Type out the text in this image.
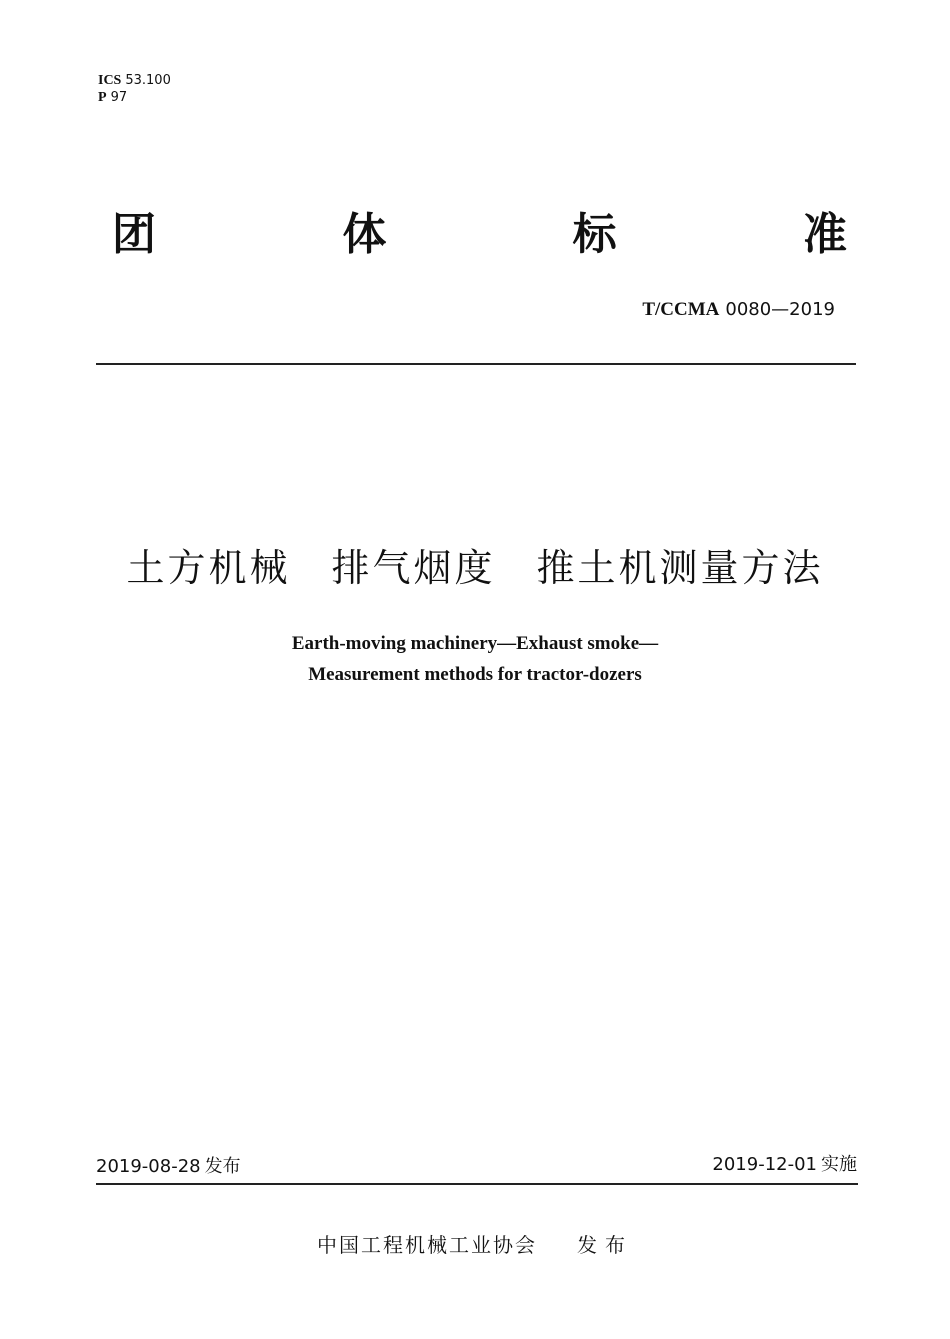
ICS 53.100
P 97
团	体	标	准
T/CCMA 0080—2019
土方机械　排气烟度　推土机测量方法
Earth-moving machinery—Exhaust smoke—
Measurement methods for tractor-dozers
2019-08-28 发布	2019-12-01 实施
中国工程机械工业协会 发布
